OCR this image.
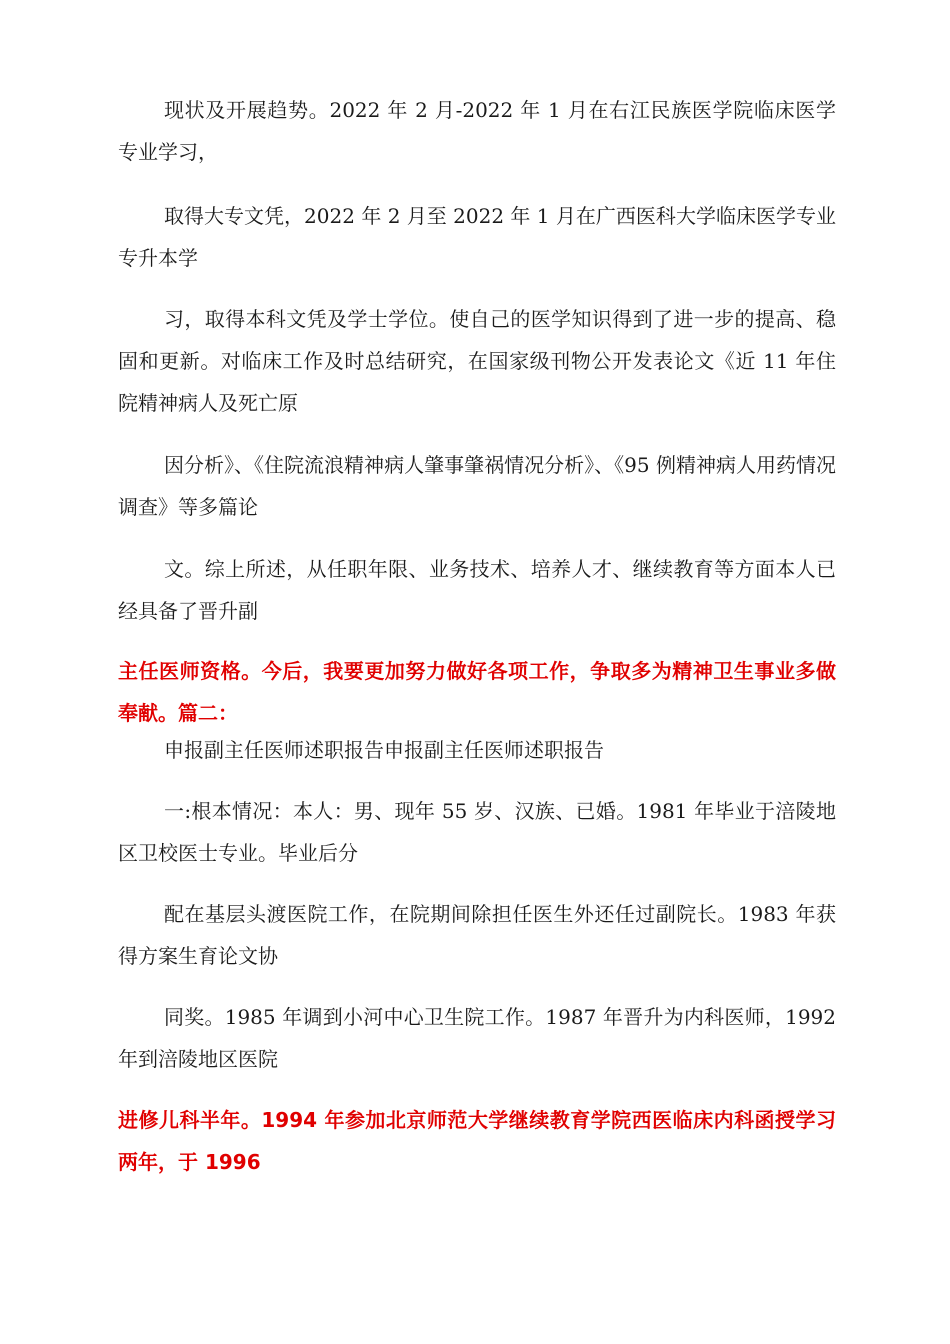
现状及开展趋势。2022 年 2 月-2022 年 1 月在右江民族医学院临床医学专业学习，

取得大专文凭，2022 年 2 月至 2022 年 1 月在广西医科大学临床医学专业专升本学

习，取得本科文凭及学士学位。使自己的医学知识得到了进一步的提高、稳固和更新。对临床工作及时总结研究，在国家级刊物公开发表论文《近 11 年住院精神病人及死亡原

因分析》、《住院流浪精神病人肇事肇祸情况分析》、《95 例精神病人用药情况调查》等多篇论

文。综上所述，从任职年限、业务技术、培养人才、继续教育等方面本人已经具备了晋升副

主任医师资格。今后，我要更加努力做好各项工作，争取多为精神卫生事业多做奉献。篇二：

申报副主任医师述职报告申报副主任医师述职报告

一:根本情况：本人：男、现年 55 岁、汉族、已婚。1981 年毕业于涪陵地区卫校医士专业。毕业后分

配在基层头渡医院工作，在院期间除担任医生外还任过副院长。1983 年获得方案生育论文协

同奖。1985 年调到小河中心卫生院工作。1987 年晋升为内科医师，1992 年到涪陵地区医院

进修儿科半年。1994 年参加北京师范大学继续教育学院西医临床内科函授学习两年，于 1996
